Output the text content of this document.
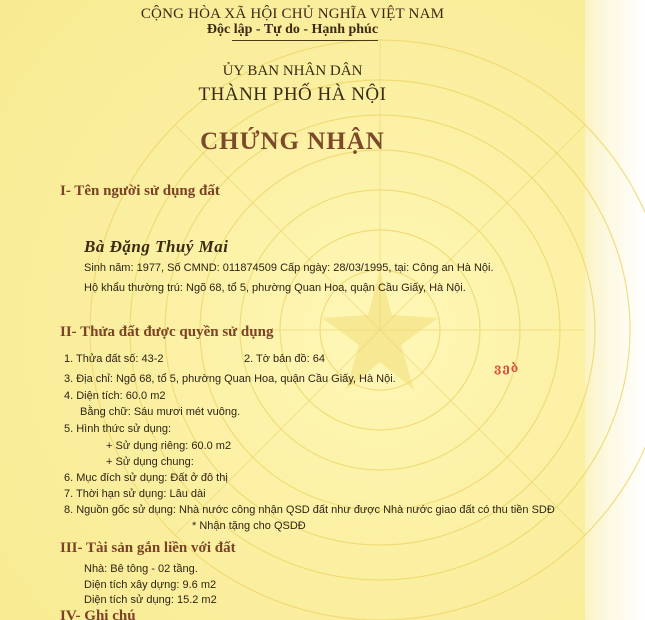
CỘNG HÒA XÃ HỘI CHỦ NGHĨA VIỆT NAM
Độc lập - Tự do - Hạnh phúc
ỦY BAN NHÂN DÂN
THÀNH PHỐ HÀ NỘI
CHỨNG NHẬN
I- Tên người sử dụng đất
Bà Đặng Thuý Mai
Sinh năm: 1977, Số CMND: 011874509 Cấp ngày: 28/03/1995, tại: Công an Hà Nội.
Hộ khẩu thường trú: Ngõ 68, tổ 5, phường Quan Hoa, quận Cầu Giấy, Hà Nội.
II- Thửa đất được quyền sử dụng
1. Thửa đất số: 43-2	2. Tờ bản đồ: 64
3. Địa chỉ: Ngõ 68, tổ 5, phường Quan Hoa, quận Cầu Giấy, Hà Nội.
4. Diện tích: 60.0 m2
Bằng chữ: Sáu mươi mét vuông.
5. Hình thức sử dụng:
+ Sử dụng riêng: 60.0 m2
+ Sử dụng chung:
6. Mục đích sử dụng: Đất ở đô thị
7. Thời hạn sử dụng: Lâu dài
8. Nguồn gốc sử dụng: Nhà nước công nhận QSD đất như được Nhà nước giao đất có thu tiền SDĐ
* Nhận tặng cho QSDĐ
III- Tài sản gắn liền với đất
Nhà: Bê tông - 02 tầng.
Diện tích xây dựng: 9.6 m2
Diện tích sử dụng: 15.2 m2
IV- Ghi chú
ვებ
